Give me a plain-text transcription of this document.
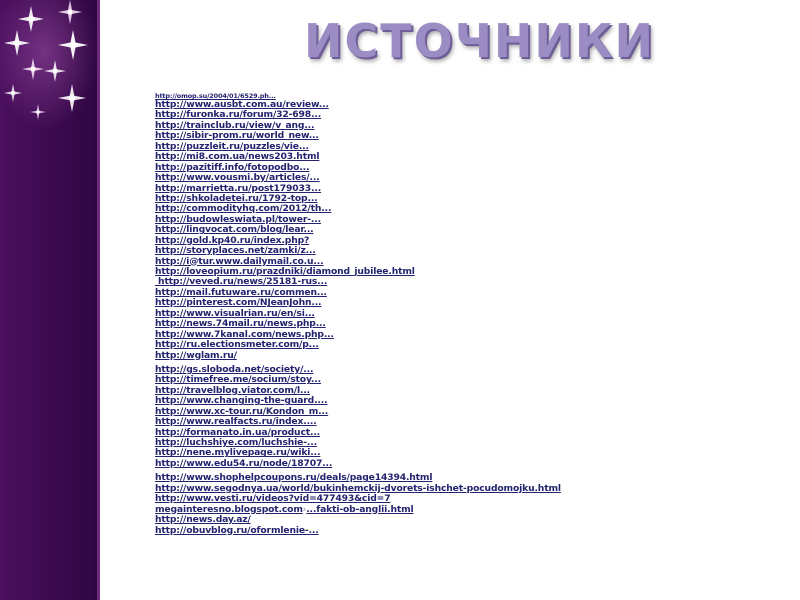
ИСТОЧНИКИ
http://omop.su/2004/01/6529.ph...
http://www.ausbt.com.au/review...
http://furonka.ru/forum/32-698...
http://trainclub.ru/view/v_ang...
http://sibir-prom.ru/world_new...
http://puzzleit.ru/puzzles/vie...
http://mi8.com.ua/news203.html
http://pazitiff.info/fotopodbo...
http://www.vousmi.by/articles/...
http://marrietta.ru/post179033...
http://shkoladetei.ru/1792-top...
http://commodityhq.com/2012/th...
http://budowleswiata.pl/tower-...
http://lingvocat.com/blog/lear...
http://gold.kp40.ru/index.php?
http://storyplaces.net/zamki/z...
http://i@tur.www.dailymail.co.u...
http://loveopium.ru/prazdniki/diamond_jubilee.html
http://veved.ru/news/25181-rus...
http://mail.futuware.ru/commen...
http://pinterest.com/NJeanJohn...
http://www.visualrian.ru/en/si...
http://news.74mail.ru/news.php...
http://www.7kanal.com/news.php...
http://ru.electionsmeter.com/p...
http://wglam.ru/
http://gs.sloboda.net/society/...
http://timefree.me/socium/stoy...
http://travelblog.viator.com/l...
http://www.changing-the-guard....
http://www.xc-tour.ru/Kondon_m...
http://www.realfacts.ru/index....
http://formanato.in.ua/product...
http://luchshiye.com/luchshie-...
http://nene.mylivepage.ru/wiki...
http://www.edu54.ru/node/18707...
http://www.shophelpcoupons.ru/deals/page14394.html
http://www.segodnya.ua/world/bukinhemckij-dvorets-ishchet-pocudomojku.html
http://www.vesti.ru/videos?vid=477493&cid=7
megainteresno.blogspot.com›...fakti-ob-anglii.html
http://news.day.az/
http://obuvblog.ru/oformlenie-...
